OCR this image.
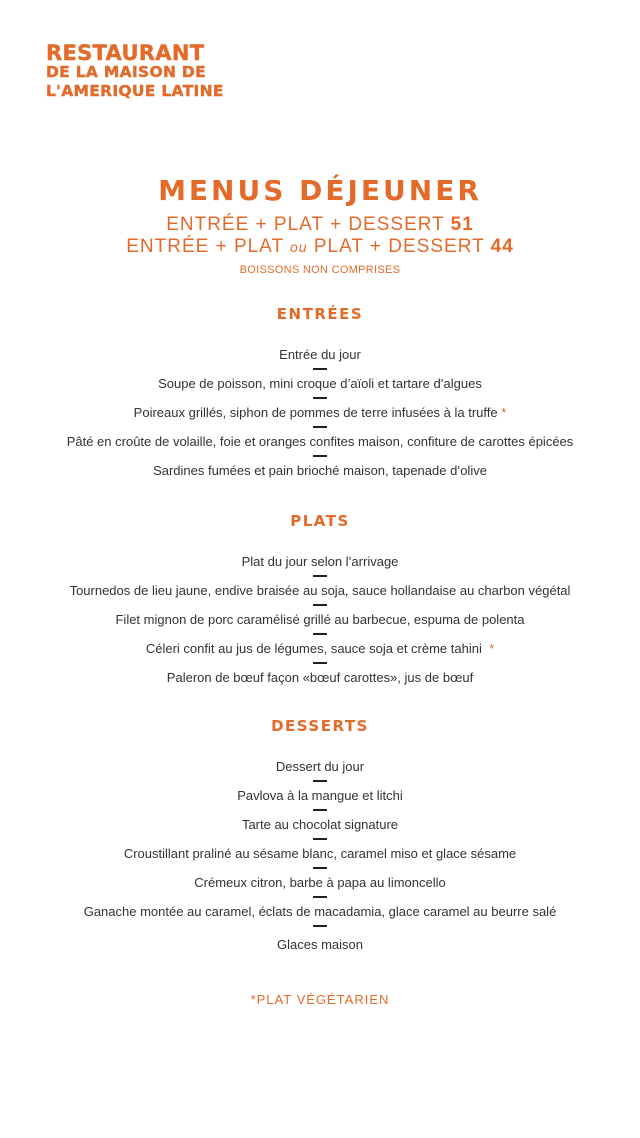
RESTAURANT
DE LA MAISON DE
L'AMERIQUE LATINE
MENUS DÉJEUNER
ENTRÉE + PLAT + DESSERT 51
ENTRÉE + PLAT ou PLAT + DESSERT 44
BOISSONS NON COMPRISES
ENTRÉES
Entrée du jour
Soupe de poisson, mini croque d’aïoli et tartare d’algues
Poireaux grillés, siphon de pommes de terre infusées à la truffe *
Pâté en croûte de volaille, foie et oranges confites maison, confiture de carottes épicées
Sardines fumées et pain brioché maison, tapenade d’olive
PLATS
Plat du jour selon l’arrivage
Tournedos de lieu jaune, endive braisée au soja, sauce hollandaise au charbon végétal
Filet mignon de porc caramélisé grillé au barbecue, espuma de polenta
Céleri confit au jus de légumes, sauce soja et crème tahini *
Paleron de bœuf façon «bœuf carottes», jus de bœuf
DESSERTS
Dessert du jour
Pavlova à la mangue et litchi
Tarte au chocolat signature
Croustillant praliné au sésame blanc, caramel miso et glace sésame
Crémeux citron, barbe à papa au limoncello
Ganache montée au caramel, éclats de macadamia, glace caramel au beurre salé
Glaces maison
*PLAT VÉGÉTARIEN
